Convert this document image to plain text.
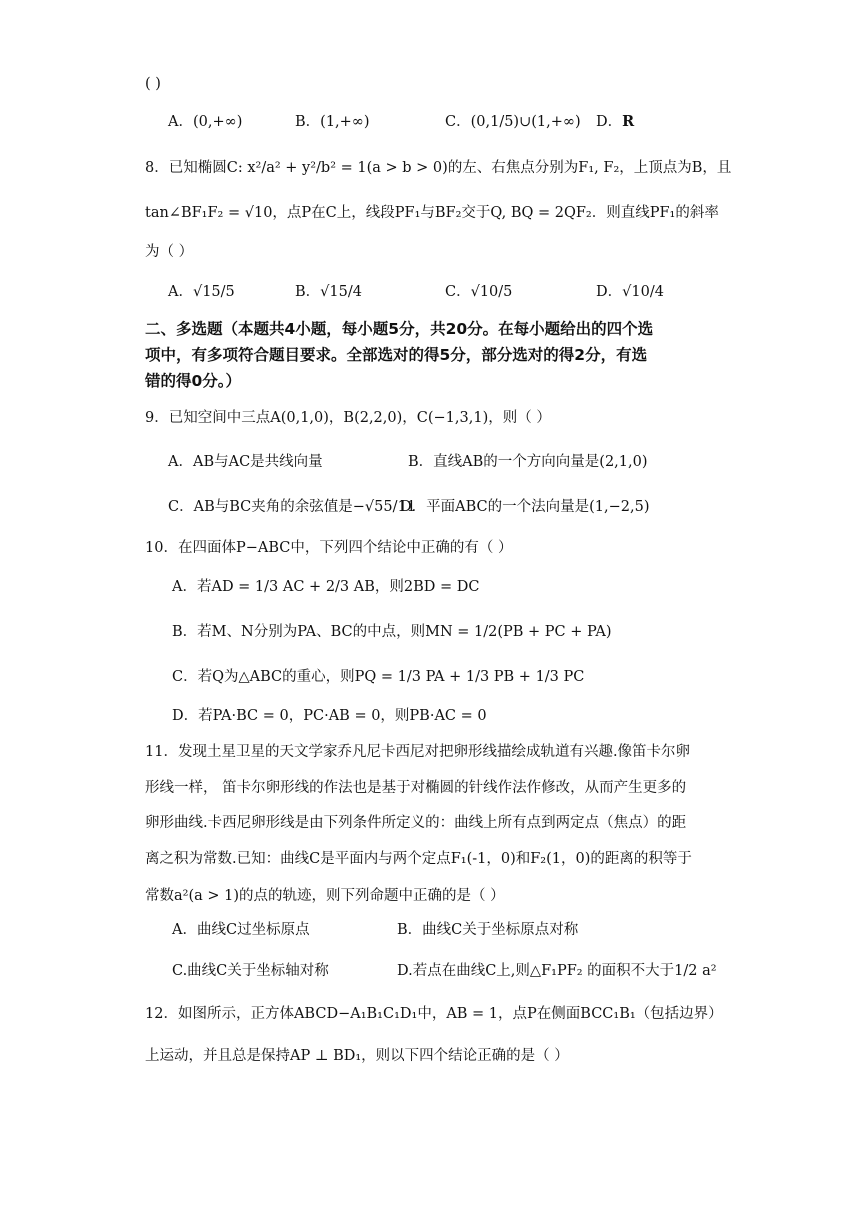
( )
A．(0,+∞)	B．(1,+∞)	C．(0,1/5)∪(1,+∞) D．R
8．已知椭圆C: x²/a² + y²/b² = 1(a > b > 0)的左、右焦点分别为F₁, F₂，上顶点为B，且
tan∠BF₁F₂ = √10，点P在C上，线段PF₁与BF₂交于Q, BQ = 2QF₂．则直线PF₁的斜率
为（ ）
A．√15/5	B．√15/4	C．√10/5	D．√10/4
二、多选题（本题共4小题，每小题5分，共20分。在每小题给出的四个选
项中，有多项符合题目要求。全部选对的得5分，部分选对的得2分，有选
错的得0分。）
9．已知空间中三点A(0,1,0)，B(2,2,0)，C(−1,3,1)，则（ ）
A．AB与AC是共线向量	B．直线AB的一个方向向量是(2,1,0)
C．AB与BC夹角的余弦值是−√55/11
D．平面ABC的一个法向量是(1,−2,5)
10．在四面体P−ABC中，下列四个结论中正确的有（ ）
A．若AD = 1/3 AC + 2/3 AB，则2BD = DC
B．若M、N分别为PA、BC的中点，则MN = 1/2(PB + PC + PA)
C．若Q为△ABC的重心，则PQ = 1/3 PA + 1/3 PB + 1/3 PC
D．若PA·BC = 0，PC·AB = 0，则PB·AC = 0
11．发现土星卫星的天文学家乔凡尼卡西尼对把卵形线描绘成轨道有兴趣.像笛卡尔卵
形线一样， 笛卡尔卵形线的作法也是基于对椭圆的针线作法作修改，从而产生更多的
卵形曲线.卡西尼卵形线是由下列条件所定义的：曲线上所有点到两定点（焦点）的距
离之积为常数.已知：曲线C是平面内与两个定点F₁(-1，0)和F₂(1，0)的距离的积等于
常数a²(a > 1)的点的轨迹，则下列命题中正确的是（ ）
A．曲线C过坐标原点	B．曲线C关于坐标原点对称
C.曲线C关于坐标轴对称	D.若点在曲线C上,则△F₁PF₂ 的面积不大于1/2 a²
12．如图所示，正方体ABCD−A₁B₁C₁D₁中，AB = 1，点P在侧面BCC₁B₁（包括边界）
上运动，并且总是保持AP ⊥ BD₁，则以下四个结论正确的是（ ）
